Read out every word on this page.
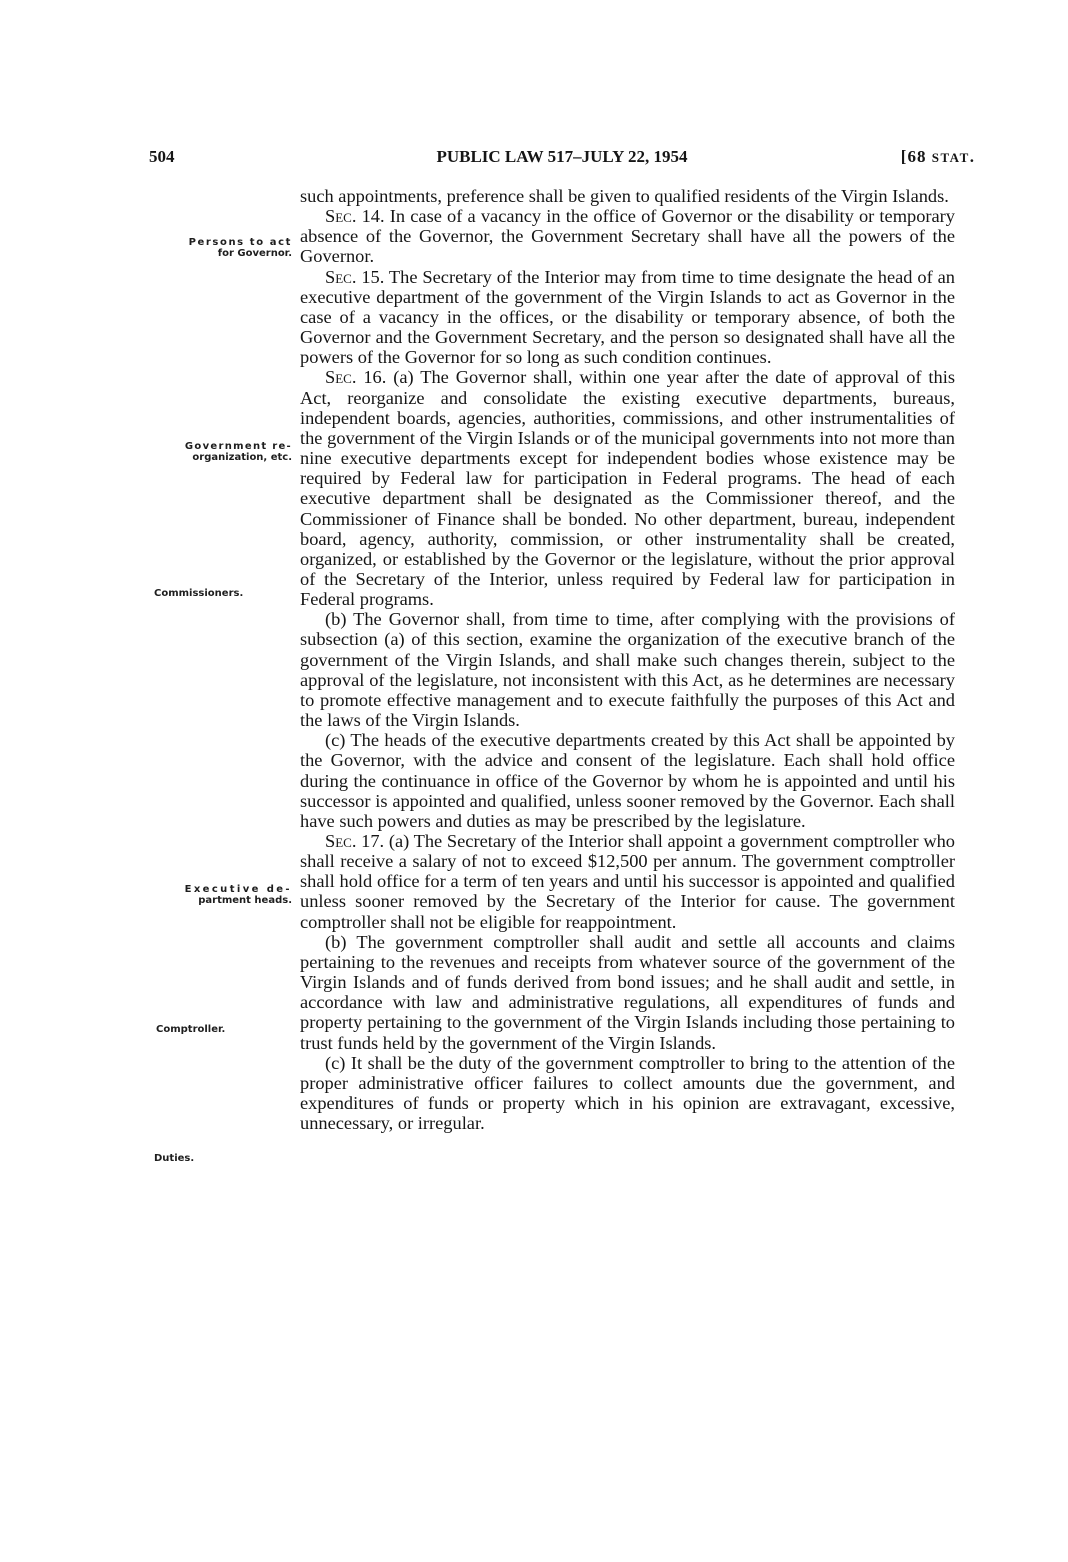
504	PUBLIC LAW 517–JULY 22, 1954	[68 STAT.
Persons to act
for Governor.
Government re-
organization, etc.
Commissioners.
Executive de-
partment heads.
Comptroller.
Duties.

such appointments, preference shall be given to qualified residents of the Virgin Islands.

Sec. 14. In case of a vacancy in the office of Governor or the disability or temporary absence of the Governor, the Government Secretary shall have all the powers of the Governor.

Sec. 15. The Secretary of the Interior may from time to time designate the head of an executive department of the government of the Virgin Islands to act as Governor in the case of a vacancy in the offices, or the disability or temporary absence, of both the Governor and the Government Secretary, and the person so designated shall have all the powers of the Governor for so long as such condition continues.

Sec. 16. (a) The Governor shall, within one year after the date of approval of this Act, reorganize and consolidate the existing executive departments, bureaus, independent boards, agencies, authorities, commissions, and other instrumentalities of the government of the Virgin Islands or of the municipal governments into not more than nine executive departments except for independent bodies whose existence may be required by Federal law for participation in Federal programs. The head of each executive department shall be designated as the Commissioner thereof, and the Commissioner of Finance shall be bonded. No other department, bureau, independent board, agency, authority, commission, or other instrumentality shall be created, organized, or established by the Governor or the legislature, without the prior approval of the Secretary of the Interior, unless required by Federal law for participation in Federal programs.

(b) The Governor shall, from time to time, after complying with the provisions of subsection (a) of this section, examine the organization of the executive branch of the government of the Virgin Islands, and shall make such changes therein, subject to the approval of the legislature, not inconsistent with this Act, as he determines are necessary to promote effective management and to execute faithfully the purposes of this Act and the laws of the Virgin Islands.

(c) The heads of the executive departments created by this Act shall be appointed by the Governor, with the advice and consent of the legislature. Each shall hold office during the continuance in office of the Governor by whom he is appointed and until his successor is appointed and qualified, unless sooner removed by the Governor. Each shall have such powers and duties as may be prescribed by the legislature.

Sec. 17. (a) The Secretary of the Interior shall appoint a government comptroller who shall receive a salary of not to exceed $12,500 per annum. The government comptroller shall hold office for a term of ten years and until his successor is appointed and qualified unless sooner removed by the Secretary of the Interior for cause. The government comptroller shall not be eligible for reappointment.

(b) The government comptroller shall audit and settle all accounts and claims pertaining to the revenues and receipts from whatever source of the government of the Virgin Islands and of funds derived from bond issues; and he shall audit and settle, in accordance with law and administrative regulations, all expenditures of funds and property pertaining to the government of the Virgin Islands including those pertaining to trust funds held by the government of the Virgin Islands.

(c) It shall be the duty of the government comptroller to bring to the attention of the proper administrative officer failures to collect amounts due the government, and expenditures of funds or property which in his opinion are extravagant, excessive, unnecessary, or irregular.
